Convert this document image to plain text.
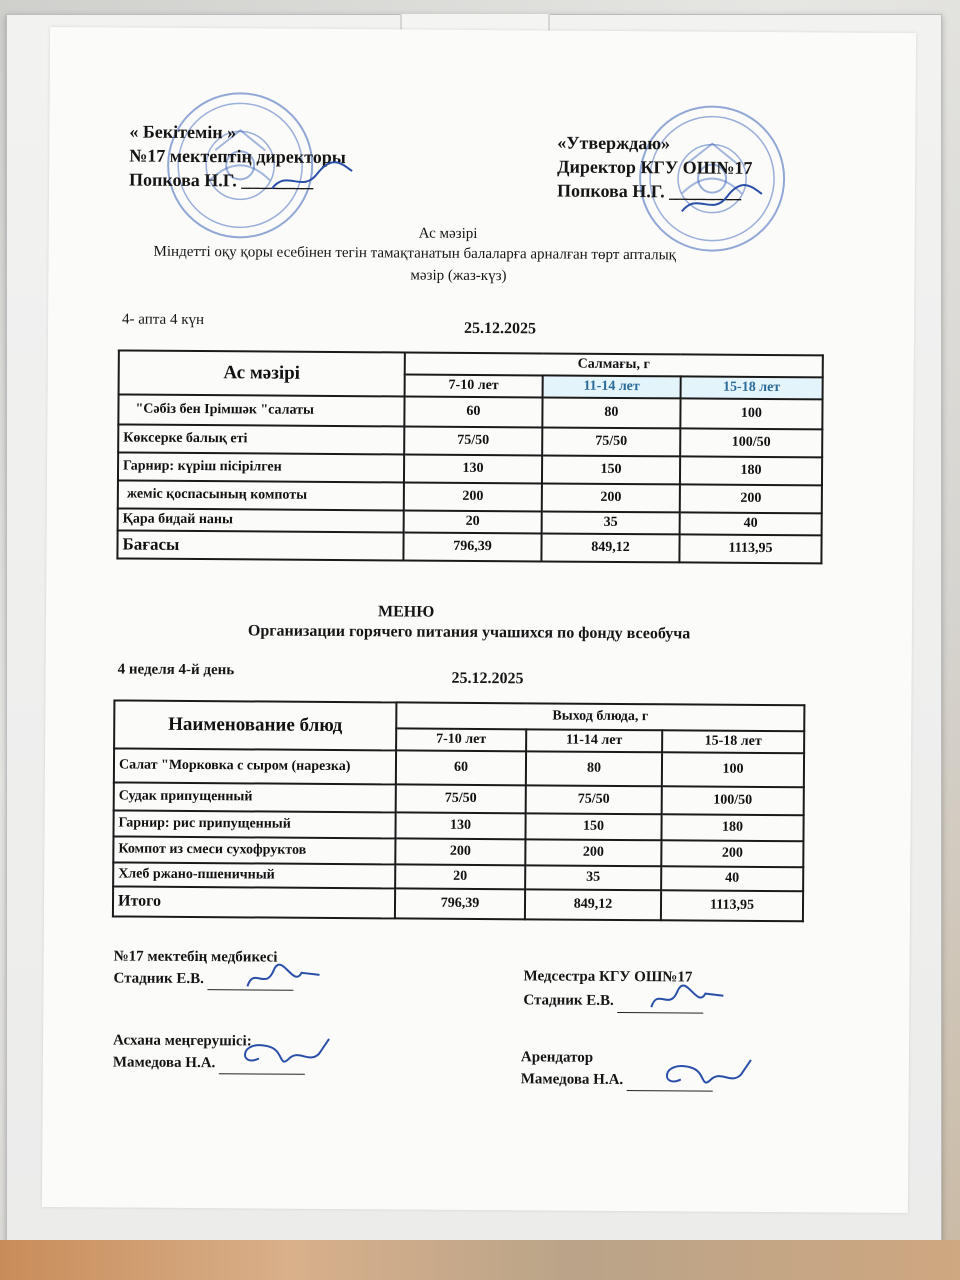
« Бекітемін »
№17 мектептің директоры
Попкова Н.Г. ________
«Утверждаю»
Директор КГУ ОШ№17
Попкова Н.Г. ________
Ас мәзірі
Міндетті оқу қоры есебінен тегін тамақтанатын балаларға арналған төрт апталық
мәзір (жаз-күз)
4- апта 4 күн
25.12.2025
Ас мәзірі	Салмағы, г		
	7-10 лет	11-14 лет	15-18 лет
"Сәбіз бен Ірімшәк "салаты	60	80	100
Көксерке балық еті	75/50	75/50	100/50
Гарнир: күріш пісірілген	130	150	180
жеміс қоспасының компоты	200	200	200
Қара бидай наны	20	35	40
Бағасы	796,39	849,12	1113,95
МЕНЮ
Организации горячего питания учашихся по фонду всеобуча
4 неделя 4-й день	25.12.2025
Наименование блюд	Выход блюда, г		
	7-10 лет	11-14 лет	15-18 лет
Салат "Морковка с сыром (нарезка)	60	80	100
Судак припущенный	75/50	75/50	100/50
Гарнир: рис припущенный	130	150	180
Компот из смеси сухофруктов	200	200	200
Хлеб ржано-пшеничный	20	35	40
Итого	796,39	849,12	1113,95
№17 мектебің медбикесі
Стадник Е.В.	Медсестра КГУ ОШ№17
Стадник Е.В.
Асхана меңгерушісі:
Мамедова Н.А.	Арендатор
Мамедова Н.А.
